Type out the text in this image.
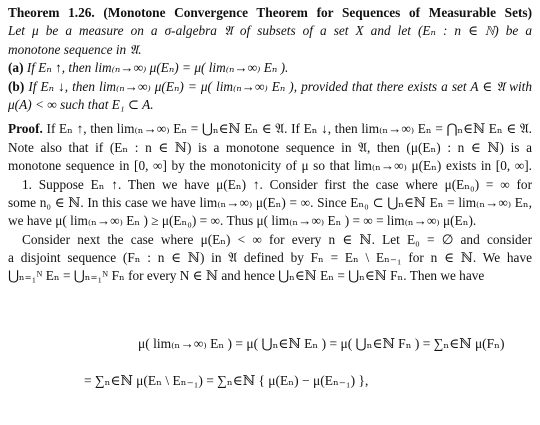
Theorem 1.26. (Monotone Convergence Theorem for Sequences of Measurable Sets)
Let μ be a measure on a σ-algebra 𝔄 of subsets of a set X and let (Eₙ : n ∈ ℕ) be a
monotone sequence in 𝔄.
(a) If Eₙ ↑, then lim₍ₙ→∞₎ μ(Eₙ) = μ( lim₍ₙ→∞₎ Eₙ ).
(b) If Eₙ ↓, then lim₍ₙ→∞₎ μ(Eₙ) = μ( lim₍ₙ→∞₎ Eₙ ), provided that there exists a set A ∈ 𝔄 with
μ(A) < ∞ such that E₁ ⊂ A.
Proof. If Eₙ ↑, then lim₍ₙ→∞₎ Eₙ = ⋃ₙ∈ℕ Eₙ ∈ 𝔄. If Eₙ ↓, then lim₍ₙ→∞₎ Eₙ = ⋂ₙ∈ℕ Eₙ ∈ 𝔄.
Note also that if (Eₙ : n ∈ ℕ) is a monotone sequence in 𝔄, then (μ(Eₙ) : n ∈ ℕ) is a
monotone sequence in [0, ∞] by the monotonicity of μ so that lim₍ₙ→∞₎ μ(Eₙ) exists in [0, ∞].
1. Suppose Eₙ ↑. Then we have μ(Eₙ) ↑. Consider first the case where μ(Eₙ₀) = ∞ for
some n₀ ∈ ℕ. In this case we have lim₍ₙ→∞₎ μ(Eₙ) = ∞. Since Eₙ₀ ⊂ ⋃ₙ∈ℕ Eₙ = lim₍ₙ→∞₎ Eₙ,
we have μ( lim₍ₙ→∞₎ Eₙ ) ≥ μ(Eₙ₀) = ∞. Thus μ( lim₍ₙ→∞₎ Eₙ ) = ∞ = lim₍ₙ→∞₎ μ(Eₙ).
Consider next the case where μ(Eₙ) < ∞ for every n ∈ ℕ. Let E₀ = ∅ and consider
a disjoint sequence (Fₙ : n ∈ ℕ) in 𝔄 defined by Fₙ = Eₙ \ Eₙ₋₁ for n ∈ ℕ. We have
⋃ₙ₌₁ᴺ Eₙ = ⋃ₙ₌₁ᴺ Fₙ for every N ∈ ℕ and hence ⋃ₙ∈ℕ Eₙ = ⋃ₙ∈ℕ Fₙ. Then we have
μ( lim₍ₙ→∞₎ Eₙ ) = μ( ⋃ₙ∈ℕ Eₙ ) = μ( ⋃ₙ∈ℕ Fₙ ) = ∑ₙ∈ℕ μ(Fₙ)
= ∑ₙ∈ℕ μ(Eₙ \ Eₙ₋₁) = ∑ₙ∈ℕ { μ(Eₙ) − μ(Eₙ₋₁) },
